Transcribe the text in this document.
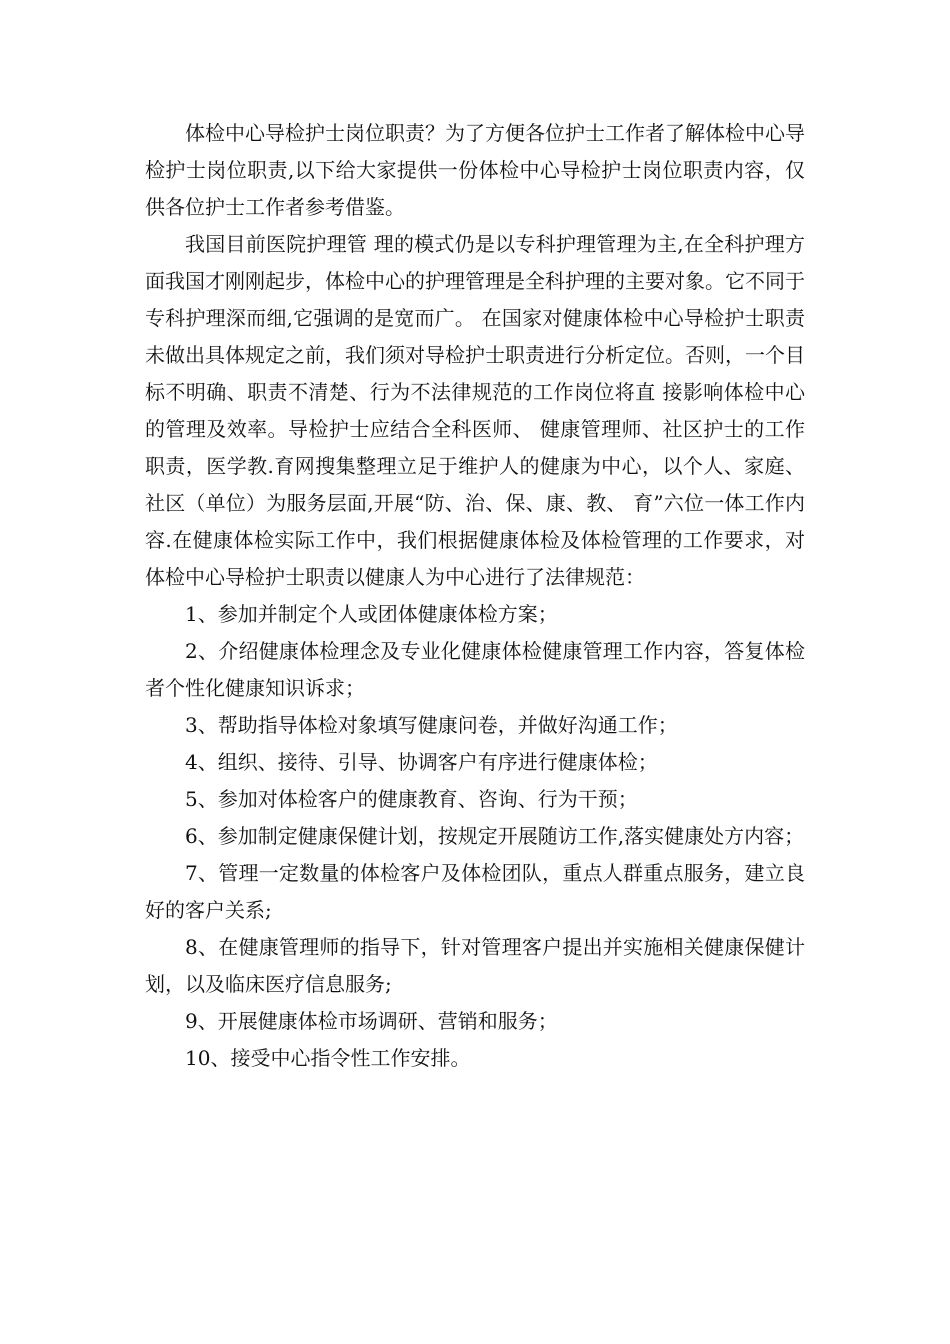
体检中心导检护士岗位职责？为了方便各位护士工作者了解体检中心导检护士岗位职责,以下给大家提供一份体检中心导检护士岗位职责内容，仅供各位护士工作者参考借鉴。

我国目前医院护理管 理的模式仍是以专科护理管理为主,在全科护理方面我国才刚刚起步，体检中心的护理管理是全科护理的主要对象。它不同于专科护理深而细,它强调的是宽而广。 在国家对健康体检中心导检护士职责未做出具体规定之前，我们须对导检护士职责进行分析定位。否则，一个目标不明确、职责不清楚、行为不法律规范的工作岗位将直 接影响体检中心的管理及效率。导检护士应结合全科医师、 健康管理师、社区护士的工作职责，医学教.育网搜集整理立足于维护人的健康为中心，以个人、家庭、社区（单位）为服务层面,开展“防、治、保、康、教、 育”六位一体工作内容.在健康体检实际工作中，我们根据健康体检及体检管理的工作要求，对体检中心导检护士职责以健康人为中心进行了法律规范：

1、参加并制定个人或团体健康体检方案；

2、介绍健康体检理念及专业化健康体检健康管理工作内容，答复体检者个性化健康知识诉求；

3、帮助指导体检对象填写健康问卷，并做好沟通工作；

4、组织、接待、引导、协调客户有序进行健康体检；

5、参加对体检客户的健康教育、咨询、行为干预；

6、参加制定健康保健计划，按规定开展随访工作,落实健康处方内容；

7、管理一定数量的体检客户及体检团队，重点人群重点服务，建立良好的客户关系;

8、在健康管理师的指导下，针对管理客户提出并实施相关健康保健计划，以及临床医疗信息服务;

9、开展健康体检市场调研、营销和服务；

10、接受中心指令性工作安排。
